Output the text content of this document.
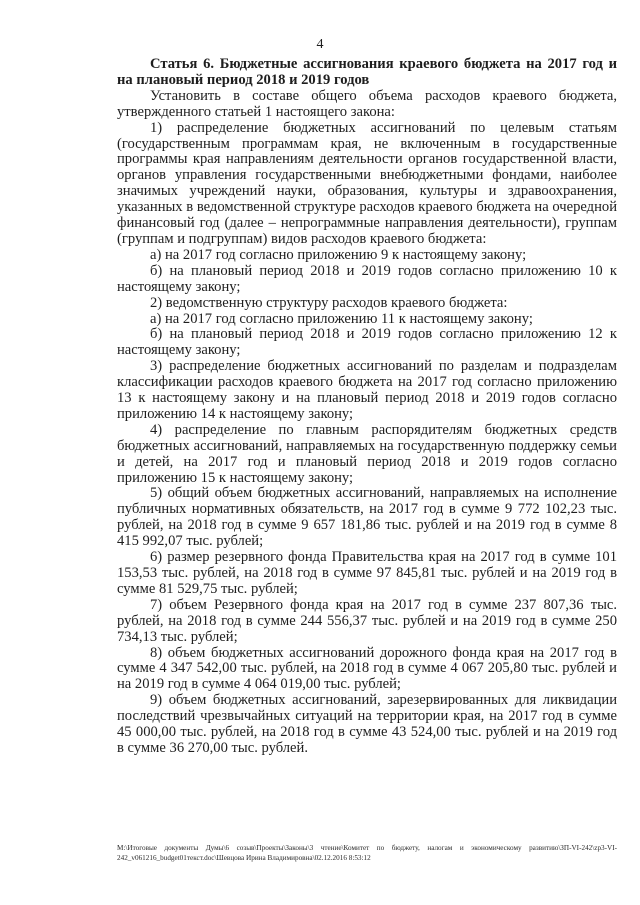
4

Статья 6. Бюджетные ассигнования краевого бюджета на 2017 год и на плановый период 2018 и 2019 годов

Установить в составе общего объема расходов краевого бюджета, утвержденного статьей 1 настоящего закона:

1) распределение бюджетных ассигнований по целевым статьям (государственным программам края, не включенным в государственные программы края направлениям деятельности органов государственной власти, органов управления государственными внебюджетными фондами, наиболее значимых учреждений науки, образования, культуры и здравоохранения, указанных в ведомственной структуре расходов краевого бюджета на очередной финансовый год (далее – непрограммные направления деятельности), группам (группам и подгруппам) видов расходов краевого бюджета:

а) на 2017 год согласно приложению 9 к настоящему закону;

б) на плановый период 2018 и 2019 годов согласно приложению 10 к настоящему закону;

2) ведомственную структуру расходов краевого бюджета:

а) на 2017 год согласно приложению 11 к настоящему закону;

б) на плановый период 2018 и 2019 годов согласно приложению 12 к настоящему закону;

3) распределение бюджетных ассигнований по разделам и подразделам классификации расходов краевого бюджета на 2017 год согласно приложению 13 к настоящему закону и на плановый период 2018 и 2019 годов согласно приложению 14 к настоящему закону;

4) распределение по главным распорядителям бюджетных средств бюджетных ассигнований, направляемых на государственную поддержку семьи и детей, на 2017 год и плановый период 2018 и 2019 годов согласно приложению 15 к настоящему закону;

5) общий объем бюджетных ассигнований, направляемых на исполнение публичных нормативных обязательств, на 2017 год в сумме 9 772 102,23 тыс. рублей, на 2018 год в сумме 9 657 181,86 тыс. рублей и на 2019 год в сумме 8 415 992,07 тыс. рублей;

6) размер резервного фонда Правительства края на 2017 год в сумме 101 153,53 тыс. рублей, на 2018 год в сумме 97 845,81 тыс. рублей и на 2019 год в сумме 81 529,75 тыс. рублей;

7) объем Резервного фонда края на 2017 год в сумме 237 807,36 тыс. рублей, на 2018 год в сумме 244 556,37 тыс. рублей и на 2019 год в сумме 250 734,13 тыс. рублей;

8) объем бюджетных ассигнований дорожного фонда края на 2017 год в сумме 4 347 542,00 тыс. рублей, на 2018 год в сумме 4 067 205,80 тыс. рублей и на 2019 год в сумме 4 064 019,00 тыс. рублей;

9) объем бюджетных ассигнований, зарезервированных для ликвидации последствий чрезвычайных ситуаций на территории края, на 2017 год в сумме 45 000,00 тыс. рублей, на 2018 год в сумме 43 524,00 тыс. рублей и на 2019 год в сумме 36 270,00 тыс. рублей.

M:\Итоговые документы Думы\6 созыв\Проекты\Законы\3 чтение\Комитет по бюджету, налогам и экономическому развитию\ЗП-VI-242\zp3-VI-242_v061216_budget01текст.doc\Шевцова Ирина Владимировна\02.12.2016 8:53:12
